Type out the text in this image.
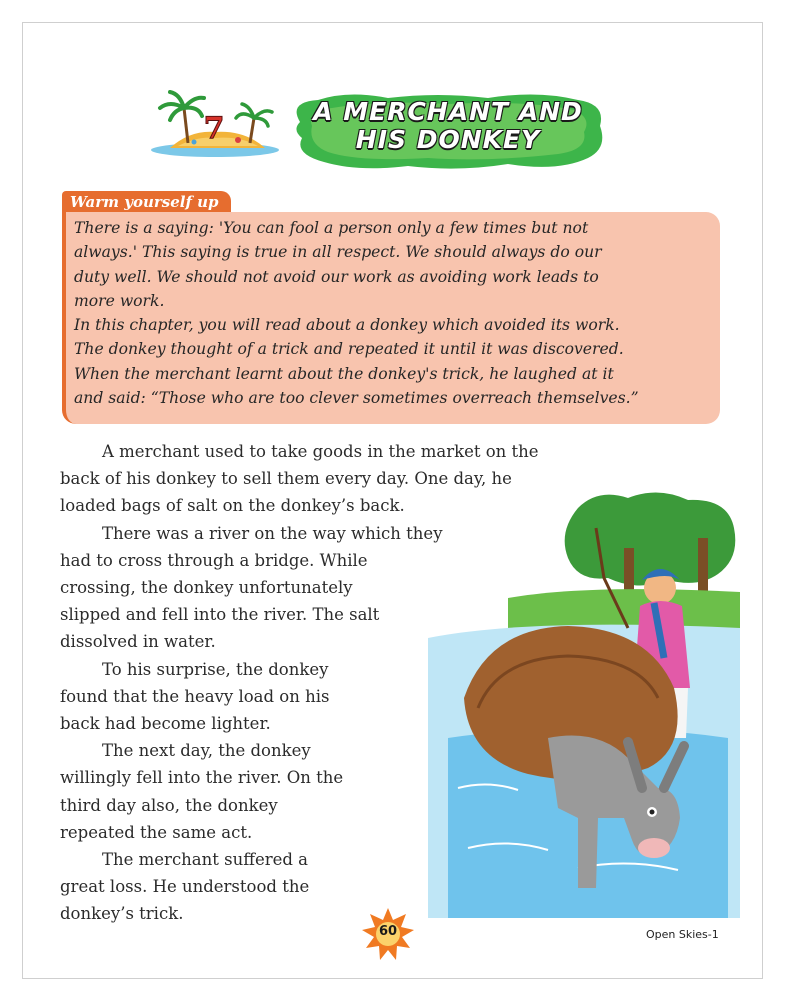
7	A MERCHANT AND
HIS DONKEY
Warm yourself up

There is a saying: 'You can fool a person only a few times but not

always.' This saying is true in all respect. We should always do our

duty well. We should not avoid our work as avoiding work leads to

more work.

In this chapter, you will read about a donkey which avoided its work.

The donkey thought of a trick and repeated it until it was discovered.

When the merchant learnt about the donkey's trick, he laughed at it

and said: “Those who are too clever sometimes overreach themselves.”

A merchant used to take goods in the market on the
back of his donkey to sell them every day. One day, he
loaded bags of salt on the donkey’s back.
There was a river on the way which they
had to cross through a bridge. While
crossing, the donkey unfortunately
slipped and fell into the river. The salt
dissolved in water.
To his surprise, the donkey
found that the heavy load on his
back had become lighter.
The next day, the donkey
willingly fell into the river. On the
third day also, the donkey
repeated the same act.
The merchant suffered a
great loss. He understood the
donkey’s trick.
60	Open Skies-1
